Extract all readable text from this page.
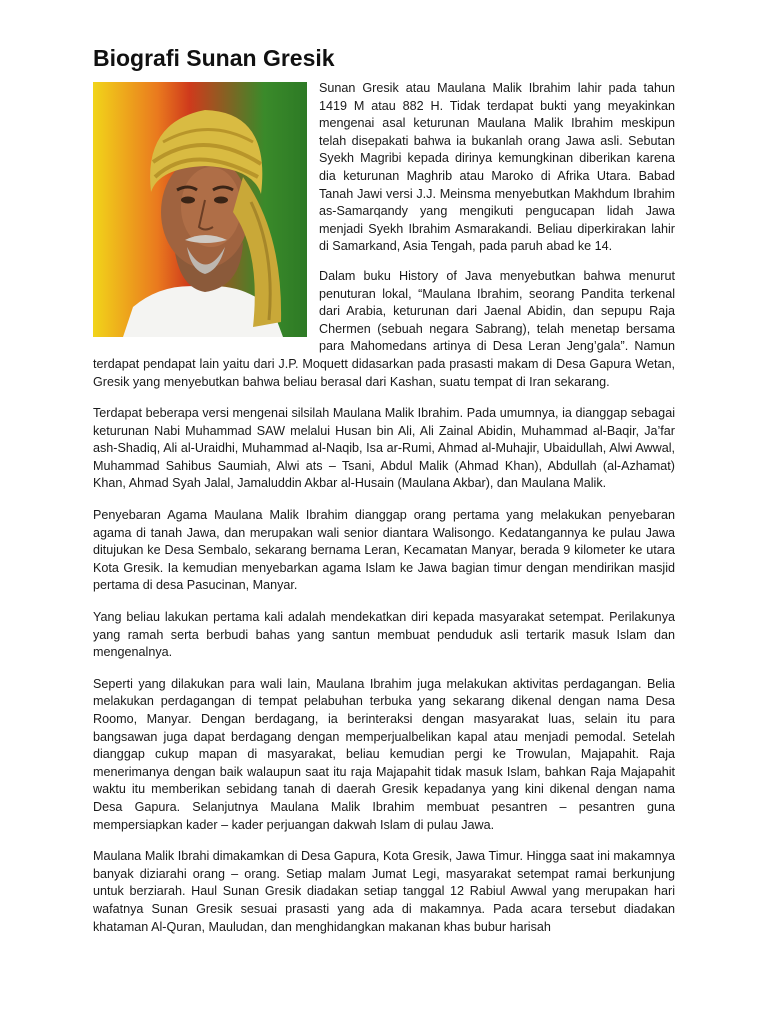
Biografi Sunan Gresik

Sunan Gresik atau Maulana Malik Ibrahim lahir pada tahun 1419 M atau 882 H. Tidak terdapat bukti yang meyakinkan mengenai asal keturunan Maulana Malik Ibrahim meskipun telah disepakati bahwa ia bukanlah orang Jawa asli. Sebutan Syekh Magribi kepada dirinya kemungkinan diberikan karena dia keturunan Maghrib atau Maroko di Afrika Utara. Babad Tanah Jawi versi J.J. Meinsma menyebutkan Makhdum Ibrahim as-Samarqandy yang mengikuti pengucapan lidah Jawa menjadi Syekh Ibrahim Asmarakandi. Beliau diperkirakan lahir di Samarkand, Asia Tengah, pada paruh abad ke 14.

Dalam buku History of Java menyebutkan bahwa menurut penuturan lokal, “Maulana Ibrahim, seorang Pandita terkenal dari Arabia, keturunan dari Jaenal Abidin, dan sepupu Raja Chermen (sebuah negara Sabrang), telah menetap bersama para Mahomedans artinya di Desa Leran Jeng’gala”. Namun terdapat pendapat lain yaitu dari J.P. Moquett didasarkan pada prasasti makam di Desa Gapura Wetan, Gresik yang menyebutkan bahwa beliau berasal dari Kashan, suatu tempat di Iran sekarang.

Terdapat beberapa versi mengenai silsilah Maulana Malik Ibrahim. Pada umumnya, ia dianggap sebagai keturunan Nabi Muhammad SAW melalui Husan bin Ali, Ali Zainal Abidin, Muhammad al-Baqir, Ja’far ash-Shadiq, Ali al-Uraidhi, Muhammad al-Naqib, Isa ar-Rumi, Ahmad al-Muhajir, Ubaidullah, Alwi Awwal, Muhammad Sahibus Saumiah, Alwi ats – Tsani, Abdul Malik (Ahmad Khan), Abdullah (al-Azhamat) Khan, Ahmad Syah Jalal, Jamaluddin Akbar al-Husain (Maulana Akbar), dan Maulana Malik.

Penyebaran Agama Maulana Malik Ibrahim dianggap orang pertama yang melakukan penyebaran agama di tanah Jawa, dan merupakan wali senior diantara Walisongo. Kedatangannya ke pulau Jawa ditujukan ke Desa Sembalo, sekarang bernama Leran, Kecamatan Manyar, berada 9 kilometer ke utara Kota Gresik. Ia kemudian menyebarkan agama Islam ke Jawa bagian timur dengan mendirikan masjid pertama di desa Pasucinan, Manyar.

Yang beliau lakukan pertama kali adalah mendekatkan diri kepada masyarakat setempat. Perilakunya yang ramah serta berbudi bahas yang santun membuat penduduk asli tertarik masuk Islam dan mengenalnya.

Seperti yang dilakukan para wali lain, Maulana Ibrahim juga melakukan aktivitas perdagangan. Belia melakukan perdagangan di tempat pelabuhan terbuka yang sekarang dikenal dengan nama Desa Roomo, Manyar. Dengan berdagang, ia berinteraksi dengan masyarakat luas, selain itu para bangsawan juga dapat berdagang dengan memperjualbelikan kapal atau menjadi pemodal. Setelah dianggap cukup mapan di masyarakat, beliau kemudian pergi ke Trowulan, Majapahit. Raja menerimanya dengan baik walaupun saat itu raja Majapahit tidak masuk Islam, bahkan Raja Majapahit waktu itu memberikan sebidang tanah di daerah Gresik kepadanya yang kini dikenal dengan nama Desa Gapura. Selanjutnya Maulana Malik Ibrahim membuat pesantren – pesantren guna mempersiapkan kader – kader perjuangan dakwah Islam di pulau Jawa.

Maulana Malik Ibrahi dimakamkan di Desa Gapura, Kota Gresik, Jawa Timur. Hingga saat ini makamnya banyak diziarahi orang – orang. Setiap malam Jumat Legi, masyarakat setempat ramai berkunjung untuk berziarah. Haul Sunan Gresik diadakan setiap tanggal 12 Rabiul Awwal yang merupakan hari wafatnya Sunan Gresik sesuai prasasti yang ada di makamnya. Pada acara tersebut diadakan khataman Al-Quran, Mauludan, dan menghidangkan makanan khas bubur harisah
